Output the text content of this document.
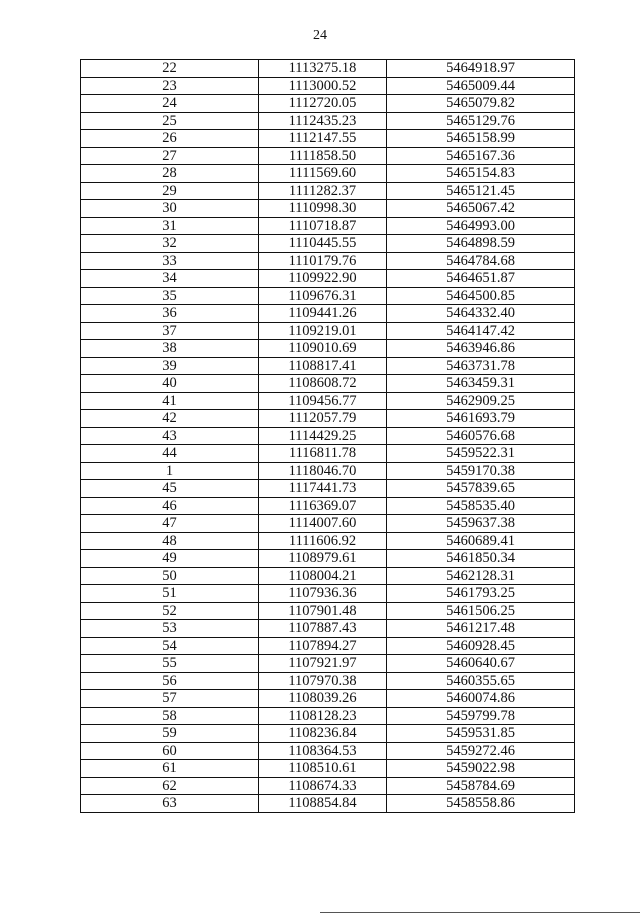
24
22	1113275.18	5464918.97
23	1113000.52	5465009.44
24	1112720.05	5465079.82
25	1112435.23	5465129.76
26	1112147.55	5465158.99
27	1111858.50	5465167.36
28	1111569.60	5465154.83
29	1111282.37	5465121.45
30	1110998.30	5465067.42
31	1110718.87	5464993.00
32	1110445.55	5464898.59
33	1110179.76	5464784.68
34	1109922.90	5464651.87
35	1109676.31	5464500.85
36	1109441.26	5464332.40
37	1109219.01	5464147.42
38	1109010.69	5463946.86
39	1108817.41	5463731.78
40	1108608.72	5463459.31
41	1109456.77	5462909.25
42	1112057.79	5461693.79
43	1114429.25	5460576.68
44	1116811.78	5459522.31
1	1118046.70	5459170.38
45	1117441.73	5457839.65
46	1116369.07	5458535.40
47	1114007.60	5459637.38
48	1111606.92	5460689.41
49	1108979.61	5461850.34
50	1108004.21	5462128.31
51	1107936.36	5461793.25
52	1107901.48	5461506.25
53	1107887.43	5461217.48
54	1107894.27	5460928.45
55	1107921.97	5460640.67
56	1107970.38	5460355.65
57	1108039.26	5460074.86
58	1108128.23	5459799.78
59	1108236.84	5459531.85
60	1108364.53	5459272.46
61	1108510.61	5459022.98
62	1108674.33	5458784.69
63	1108854.84	5458558.86
